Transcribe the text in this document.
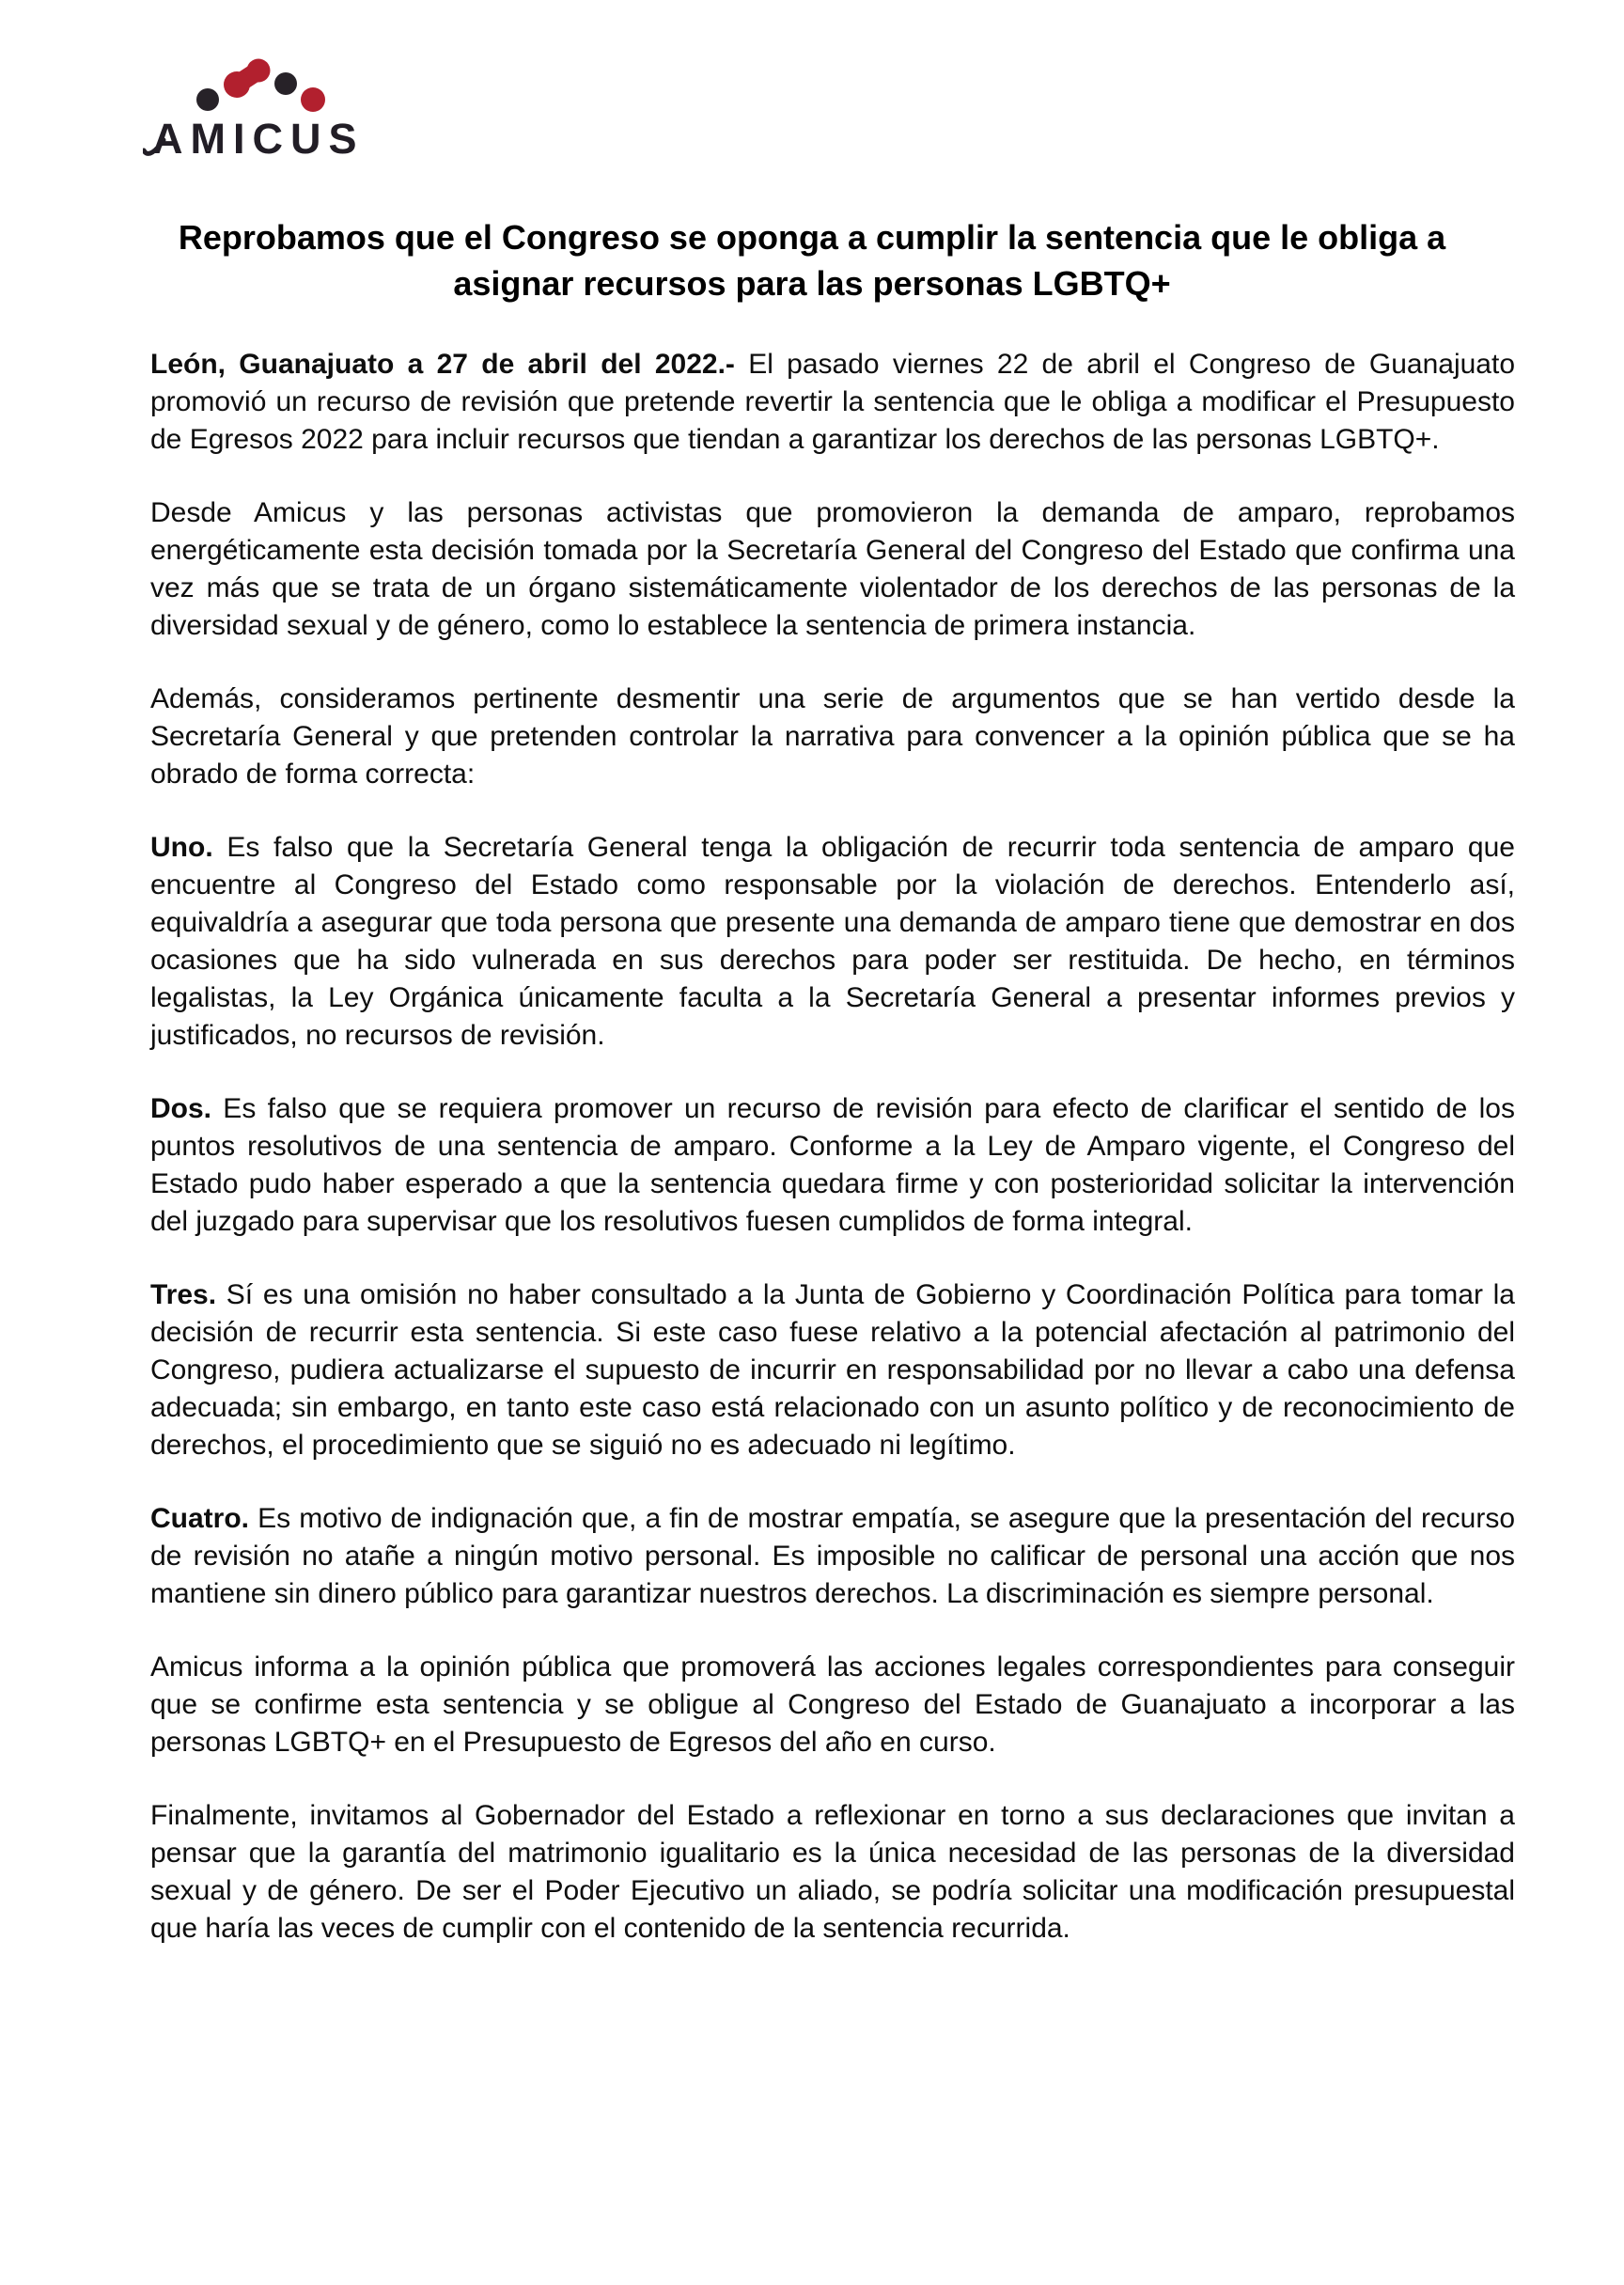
AMICUS
Reprobamos que el Congreso se oponga a cumplir la sentencia que le obliga a asignar recursos para las personas LGBTQ+

León, Guanajuato a 27 de abril del 2022.- El pasado viernes 22 de abril el Congreso de Guanajuato promovió un recurso de revisión que pretende revertir la sentencia que le obliga a modificar el Presupuesto de Egresos 2022 para incluir recursos que tiendan a garantizar los derechos de las personas LGBTQ+.

Desde Amicus y las personas activistas que promovieron la demanda de amparo, reprobamos energéticamente esta decisión tomada por la Secretaría General del Congreso del Estado que confirma una vez más que se trata de un órgano sistemáticamente violentador de los derechos de las personas de la diversidad sexual y de género, como lo establece la sentencia de primera instancia.

Además, consideramos pertinente desmentir una serie de argumentos que se han vertido desde la Secretaría General y que pretenden controlar la narrativa para convencer a la opinión pública que se ha obrado de forma correcta:

Uno. Es falso que la Secretaría General tenga la obligación de recurrir toda sentencia de amparo que encuentre al Congreso del Estado como responsable por la violación de derechos. Entenderlo así, equivaldría a asegurar que toda persona que presente una demanda de amparo tiene que demostrar en dos ocasiones que ha sido vulnerada en sus derechos para poder ser restituida. De hecho, en términos legalistas, la Ley Orgánica únicamente faculta a la Secretaría General a presentar informes previos y justificados, no recursos de revisión.

Dos. Es falso que se requiera promover un recurso de revisión para efecto de clarificar el sentido de los puntos resolutivos de una sentencia de amparo. Conforme a la Ley de Amparo vigente, el Congreso del Estado pudo haber esperado a que la sentencia quedara firme y con posterioridad solicitar la intervención del juzgado para supervisar que los resolutivos fuesen cumplidos de forma integral.

Tres. Sí es una omisión no haber consultado a la Junta de Gobierno y Coordinación Política para tomar la decisión de recurrir esta sentencia. Si este caso fuese relativo a la potencial afectación al patrimonio del Congreso, pudiera actualizarse el supuesto de incurrir en responsabilidad por no llevar a cabo una defensa adecuada; sin embargo, en tanto este caso está relacionado con un asunto político y de reconocimiento de derechos, el procedimiento que se siguió no es adecuado ni legítimo.

Cuatro. Es motivo de indignación que, a fin de mostrar empatía, se asegure que la presentación del recurso de revisión no atañe a ningún motivo personal. Es imposible no calificar de personal una acción que nos mantiene sin dinero público para garantizar nuestros derechos. La discriminación es siempre personal.

Amicus informa a la opinión pública que promoverá las acciones legales correspondientes para conseguir que se confirme esta sentencia y se obligue al Congreso del Estado de Guanajuato a incorporar a las personas LGBTQ+ en el Presupuesto de Egresos del año en curso.

Finalmente, invitamos al Gobernador del Estado a reflexionar en torno a sus declaraciones que invitan a pensar que la garantía del matrimonio igualitario es la única necesidad de las personas de la diversidad sexual y de género. De ser el Poder Ejecutivo un aliado, se podría solicitar una modificación presupuestal que haría las veces de cumplir con el contenido de la sentencia recurrida.
